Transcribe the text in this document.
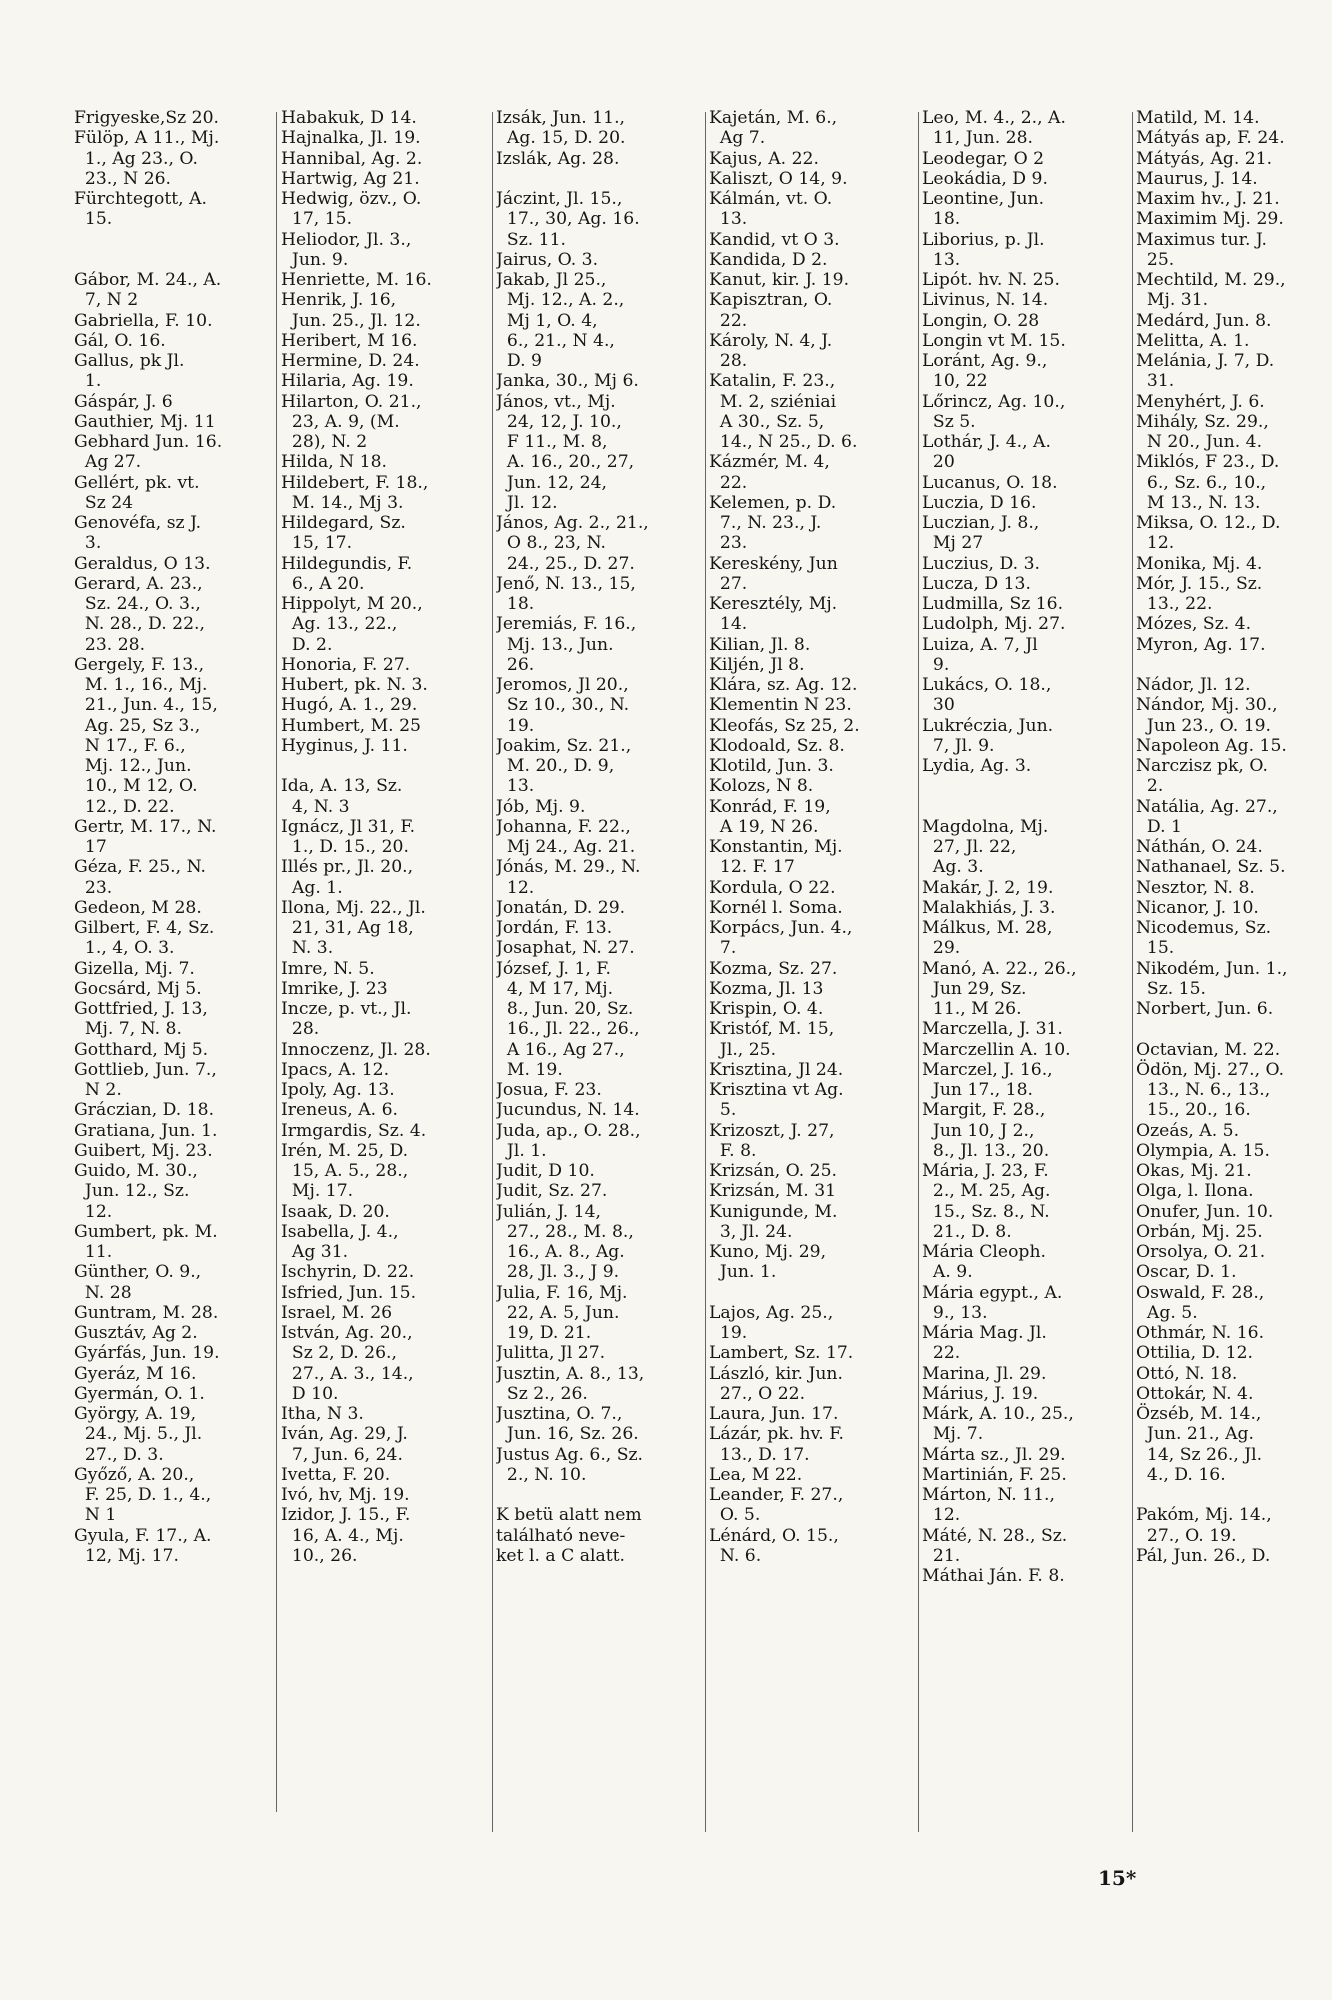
Frigyeske,Sz 20.
Fülöp, A 11., Mj.
1., Ag 23., O.
23., N 26.
Fürchtegott, A.
15.

Gábor, M. 24., A.
7, N 2
Gabriella, F. 10.
Gál, O. 16.
Gallus, pk Jl.
1.
Gáspár, J. 6
Gauthier, Mj. 11
Gebhard Jun. 16.
Ag 27.
Gellért, pk. vt.
Sz 24
Genovéfa, sz J.
3.
Geraldus, O 13.
Gerard, A. 23.,
Sz. 24., O. 3.,
N. 28., D. 22.,
23. 28.
Gergely, F. 13.,
M. 1., 16., Mj.
21., Jun. 4., 15,
Ag. 25, Sz 3.,
N 17., F. 6.,
Mj. 12., Jun.
10., M 12, O.
12., D. 22.
Gertr, M. 17., N.
17
Géza, F. 25., N.
23.
Gedeon, M 28.
Gilbert, F. 4, Sz.
1., 4, O. 3.
Gizella, Mj. 7.
Gocsárd, Mj 5.
Gottfried, J. 13,
Mj. 7, N. 8.
Gotthard, Mj 5.
Gottlieb, Jun. 7.,
N 2.
Gráczian, D. 18.
Gratiana, Jun. 1.
Guibert, Mj. 23.
Guido, M. 30.,
Jun. 12., Sz.
12.
Gumbert, pk. M.
11.
Günther, O. 9.,
N. 28
Guntram, M. 28.
Gusztáv, Ag 2.
Gyárfás, Jun. 19.
Gyeráz, M 16.
Gyermán, O. 1.
György, A. 19,
24., Mj. 5., Jl.
27., D. 3.
Győző, A. 20.,
F. 25, D. 1., 4.,
N 1
Gyula, F. 17., A.
12, Mj. 17.
Habakuk, D 14.
Hajnalka, Jl. 19.
Hannibal, Ag. 2.
Hartwig, Ag 21.
Hedwig, özv., O.
17, 15.
Heliodor, Jl. 3.,
Jun. 9.
Henriette, M. 16.
Henrik, J. 16,
Jun. 25., Jl. 12.
Heribert, M 16.
Hermine, D. 24.
Hilaria, Ag. 19.
Hilarton, O. 21.,
23, A. 9, (M.
28), N. 2
Hilda, N 18.
Hildebert, F. 18.,
M. 14., Mj 3.
Hildegard, Sz.
15, 17.
Hildegundis, F.
6., A 20.
Hippolyt, M 20.,
Ag. 13., 22.,
D. 2.
Honoria, F. 27.
Hubert, pk. N. 3.
Hugó, A. 1., 29.
Humbert, M. 25
Hyginus, J. 11.

Ida, A. 13, Sz.
4, N. 3
Ignácz, Jl 31, F.
1., D. 15., 20.
Illés pr., Jl. 20.,
Ag. 1.
Ilona, Mj. 22., Jl.
21, 31, Ag 18,
N. 3.
Imre, N. 5.
Imrike, J. 23
Incze, p. vt., Jl.
28.
Innoczenz, Jl. 28.
Ipacs, A. 12.
Ipoly, Ag. 13.
Ireneus, A. 6.
Irmgardis, Sz. 4.
Irén, M. 25, D.
15, A. 5., 28.,
Mj. 17.
Isaak, D. 20.
Isabella, J. 4.,
Ag 31.
Ischyrin, D. 22.
Isfried, Jun. 15.
Israel, M. 26
István, Ag. 20.,
Sz 2, D. 26.,
27., A. 3., 14.,
D 10.
Itha, N 3.
Iván, Ag. 29, J.
7, Jun. 6, 24.
Ivetta, F. 20.
Ivó, hv, Mj. 19.
Izidor, J. 15., F.
16, A. 4., Mj.
10., 26.
Izsák, Jun. 11.,
Ag. 15, D. 20.
Izslák, Ag. 28.

Jáczint, Jl. 15.,
17., 30, Ag. 16.
Sz. 11.
Jairus, O. 3.
Jakab, Jl 25.,
Mj. 12., A. 2.,
Mj 1, O. 4,
6., 21., N 4.,
D. 9
Janka, 30., Mj 6.
János, vt., Mj.
24, 12, J. 10.,
F 11., M. 8,
A. 16., 20., 27,
Jun. 12, 24,
Jl. 12.
János, Ag. 2., 21.,
O 8., 23, N.
24., 25., D. 27.
Jenő, N. 13., 15,
18.
Jeremiás, F. 16.,
Mj. 13., Jun.
26.
Jeromos, Jl 20.,
Sz 10., 30., N.
19.
Joakim, Sz. 21.,
M. 20., D. 9,
13.
Jób, Mj. 9.
Johanna, F. 22.,
Mj 24., Ag. 21.
Jónás, M. 29., N.
12.
Jonatán, D. 29.
Jordán, F. 13.
Josaphat, N. 27.
József, J. 1, F.
4, M 17, Mj.
8., Jun. 20, Sz.
16., Jl. 22., 26.,
A 16., Ag 27.,
M. 19.
Josua, F. 23.
Jucundus, N. 14.
Juda, ap., O. 28.,
Jl. 1.
Judit, D 10.
Judit, Sz. 27.
Julián, J. 14,
27., 28., M. 8.,
16., A. 8., Ag.
28, Jl. 3., J 9.
Julia, F. 16, Mj.
22, A. 5, Jun.
19, D. 21.
Julitta, Jl 27.
Jusztin, A. 8., 13,
Sz 2., 26.
Jusztina, O. 7.,
Jun. 16, Sz. 26.
Justus Ag. 6., Sz.
2., N. 10.

K betü alatt nem
található neve-
ket l. a C alatt.
Kajetán, M. 6.,
Ag 7.
Kajus, A. 22.
Kaliszt, O 14, 9.
Kálmán, vt. O.
13.
Kandid, vt O 3.
Kandida, D 2.
Kanut, kir. J. 19.
Kapisztran, O.
22.
Károly, N. 4, J.
28.
Katalin, F. 23.,
M. 2, sziéniai
A 30., Sz. 5,
14., N 25., D. 6.
Kázmér, M. 4,
22.
Kelemen, p. D.
7., N. 23., J.
23.
Kereskény, Jun
27.
Keresztély, Mj.
14.
Kilian, Jl. 8.
Kiljén, Jl 8.
Klára, sz. Ag. 12.
Klementin N 23.
Kleofás, Sz 25, 2.
Klodoald, Sz. 8.
Klotild, Jun. 3.
Kolozs, N 8.
Konrád, F. 19,
A 19, N 26.
Konstantin, Mj.
12. F. 17
Kordula, O 22.
Kornél l. Soma.
Korpács, Jun. 4.,
7.
Kozma, Sz. 27.
Kozma, Jl. 13
Krispin, O. 4.
Kristóf, M. 15,
Jl., 25.
Krisztina, Jl 24.
Krisztina vt Ag.
5.
Krizoszt, J. 27,
F. 8.
Krizsán, O. 25.
Krizsán, M. 31
Kunigunde, M.
3, Jl. 24.
Kuno, Mj. 29,
Jun. 1.

Lajos, Ag. 25.,
19.
Lambert, Sz. 17.
László, kir. Jun.
27., O 22.
Laura, Jun. 17.
Lázár, pk. hv. F.
13., D. 17.
Lea, M 22.
Leander, F. 27.,
O. 5.
Lénárd, O. 15.,
N. 6.
Leo, M. 4., 2., A.
11, Jun. 28.
Leodegar, O 2
Leokádia, D 9.
Leontine, Jun.
18.
Liborius, p. Jl.
13.
Lipót. hv. N. 25.
Livinus, N. 14.
Longin, O. 28
Longin vt M. 15.
Loránt, Ag. 9.,
10, 22
Lőrincz, Ag. 10.,
Sz 5.
Lothár, J. 4., A.
20
Lucanus, O. 18.
Luczia, D 16.
Luczian, J. 8.,
Mj 27
Luczius, D. 3.
Lucza, D 13.
Ludmilla, Sz 16.
Ludolph, Mj. 27.
Luiza, A. 7, Jl
9.
Lukács, O. 18.,
30
Lukréczia, Jun.
7, Jl. 9.
Lydia, Ag. 3.

Magdolna, Mj.
27, Jl. 22,
Ag. 3.
Makár, J. 2, 19.
Malakhiás, J. 3.
Málkus, M. 28,
29.
Manó, A. 22., 26.,
Jun 29, Sz.
11., M 26.
Marczella, J. 31.
Marczellin A. 10.
Marczel, J. 16.,
Jun 17., 18.
Margit, F. 28.,
Jun 10, J 2.,
8., Jl. 13., 20.
Mária, J. 23, F.
2., M. 25, Ag.
15., Sz. 8., N.
21., D. 8.
Mária Cleoph.
A. 9.
Mária egypt., A.
9., 13.
Mária Mag. Jl.
22.
Marina, Jl. 29.
Márius, J. 19.
Márk, A. 10., 25.,
Mj. 7.
Márta sz., Jl. 29.
Martinián, F. 25.
Márton, N. 11.,
12.
Máté, N. 28., Sz.
21.
Máthai Ján. F. 8.
Matild, M. 14.
Mátyás ap, F. 24.
Mátyás, Ag. 21.
Maurus, J. 14.
Maxim hv., J. 21.
Maximim Mj. 29.
Maximus tur. J.
25.
Mechtild, M. 29.,
Mj. 31.
Medárd, Jun. 8.
Melitta, A. 1.
Melánia, J. 7, D.
31.
Menyhért, J. 6.
Mihály, Sz. 29.,
N 20., Jun. 4.
Miklós, F 23., D.
6., Sz. 6., 10.,
M 13., N. 13.
Miksa, O. 12., D.
12.
Monika, Mj. 4.
Mór, J. 15., Sz.
13., 22.
Mózes, Sz. 4.
Myron, Ag. 17.

Nádor, Jl. 12.
Nándor, Mj. 30.,
Jun 23., O. 19.
Napoleon Ag. 15.
Narczisz pk, O.
2.
Natália, Ag. 27.,
D. 1
Náthán, O. 24.
Nathanael, Sz. 5.
Nesztor, N. 8.
Nicanor, J. 10.
Nicodemus, Sz.
15.
Nikodém, Jun. 1.,
Sz. 15.
Norbert, Jun. 6.

Octavian, M. 22.
Ödön, Mj. 27., O.
13., N. 6., 13.,
15., 20., 16.
Ozeás, A. 5.
Olympia, A. 15.
Okas, Mj. 21.
Olga, l. Ilona.
Onufer, Jun. 10.
Orbán, Mj. 25.
Orsolya, O. 21.
Oscar, D. 1.
Oswald, F. 28.,
Ag. 5.
Othmár, N. 16.
Ottilia, D. 12.
Ottó, N. 18.
Ottokár, N. 4.
Özséb, M. 14.,
Jun. 21., Ag.
14, Sz 26., Jl.
4., D. 16.

Pakóm, Mj. 14.,
27., O. 19.
Pál, Jun. 26., D.
15*
